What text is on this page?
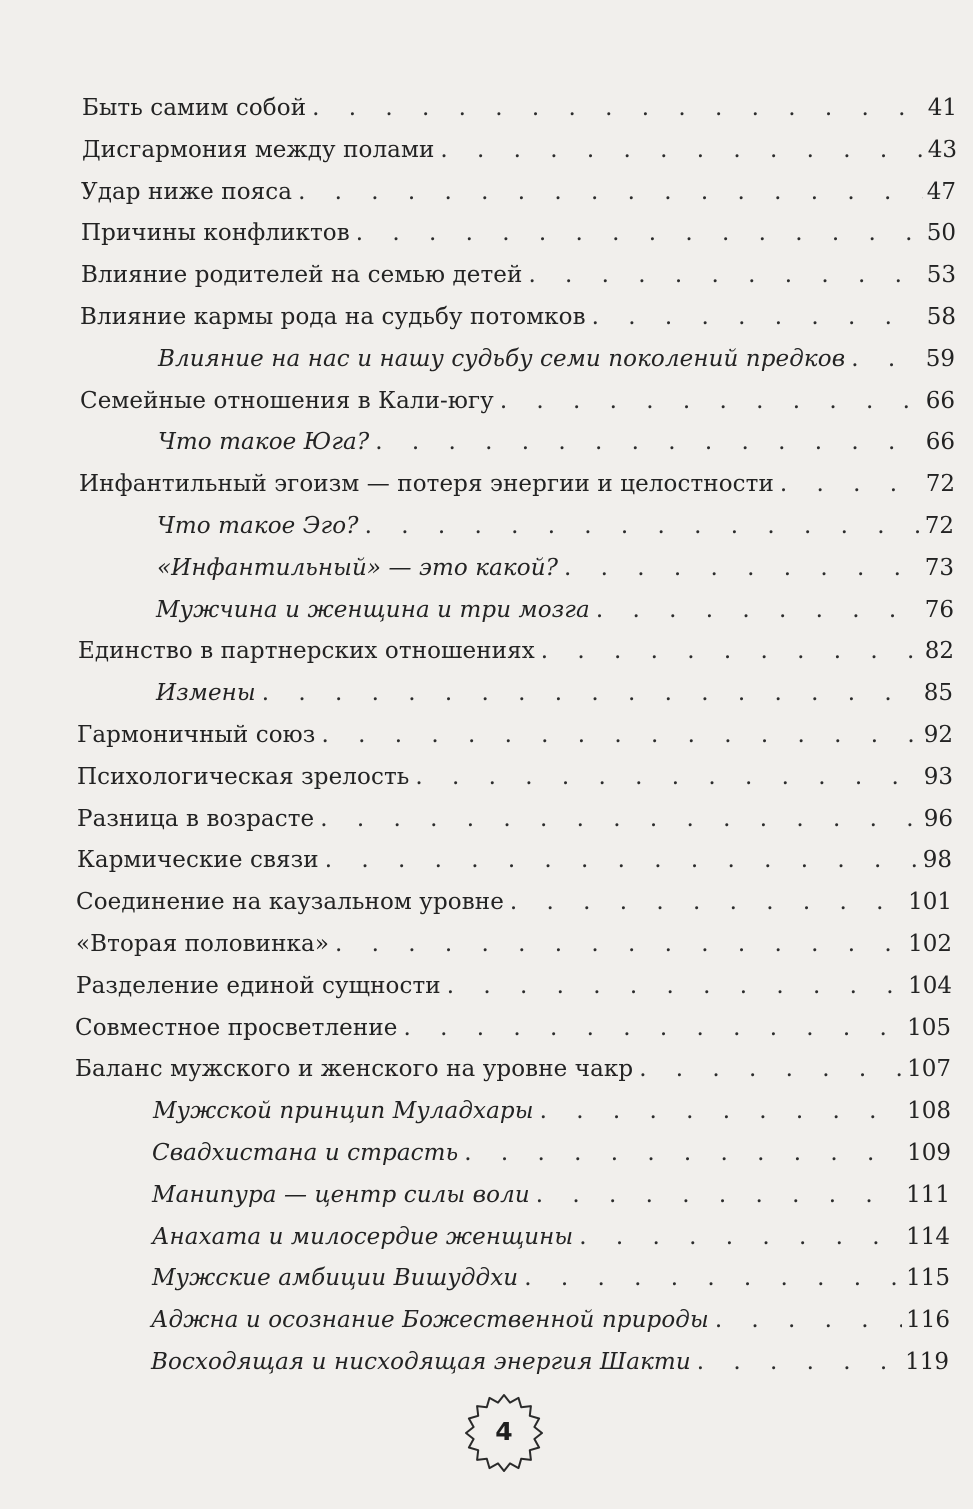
Быть самим собой . . .	41
Дисгармония между полами . . .	43
Удар ниже пояса . . .	47
Причины конфликтов . . .	50
Влияние родителей на семью детей . . .	53
Влияние кармы рода на судьбу потомков . . .	58
Влияние на нас и нашу судьбу семи поколений предков . . .	59
Семейные отношения в Кали-югу . . .	66
Что такое Юга? . . .	66
Инфантильный эгоизм — потеря энергии и целостности . . .	72
Что такое Эго? . . .	72
«Инфантильный» — это какой? . . .	73
Мужчина и женщина и три мозга . . .	76
Единство в партнерских отношениях . . .	82
Измены . . .	85
Гармоничный союз . . .	92
Психологическая зрелость . . .	93
Разница в возрасте . . .	96
Кармические связи . . .	98
Соединение на каузальном уровне . . .	101
«Вторая половинка» . . .	102
Разделение единой сущности . . .	104
Совместное просветление . . .	105
Баланс мужского и женского на уровне чакр . . .	107
Мужской принцип Муладхары . . .	108
Свадхистана и страсть . . .	109
Манипура — центр силы воли . . .	111
Анахата и милосердие женщины . . .	114
Мужские амбиции Вишуддхи . . .	115
Аджна и осознание Божественной природы . . .	116
Восходящая и нисходящая энергия Шакти . . .	119
4
